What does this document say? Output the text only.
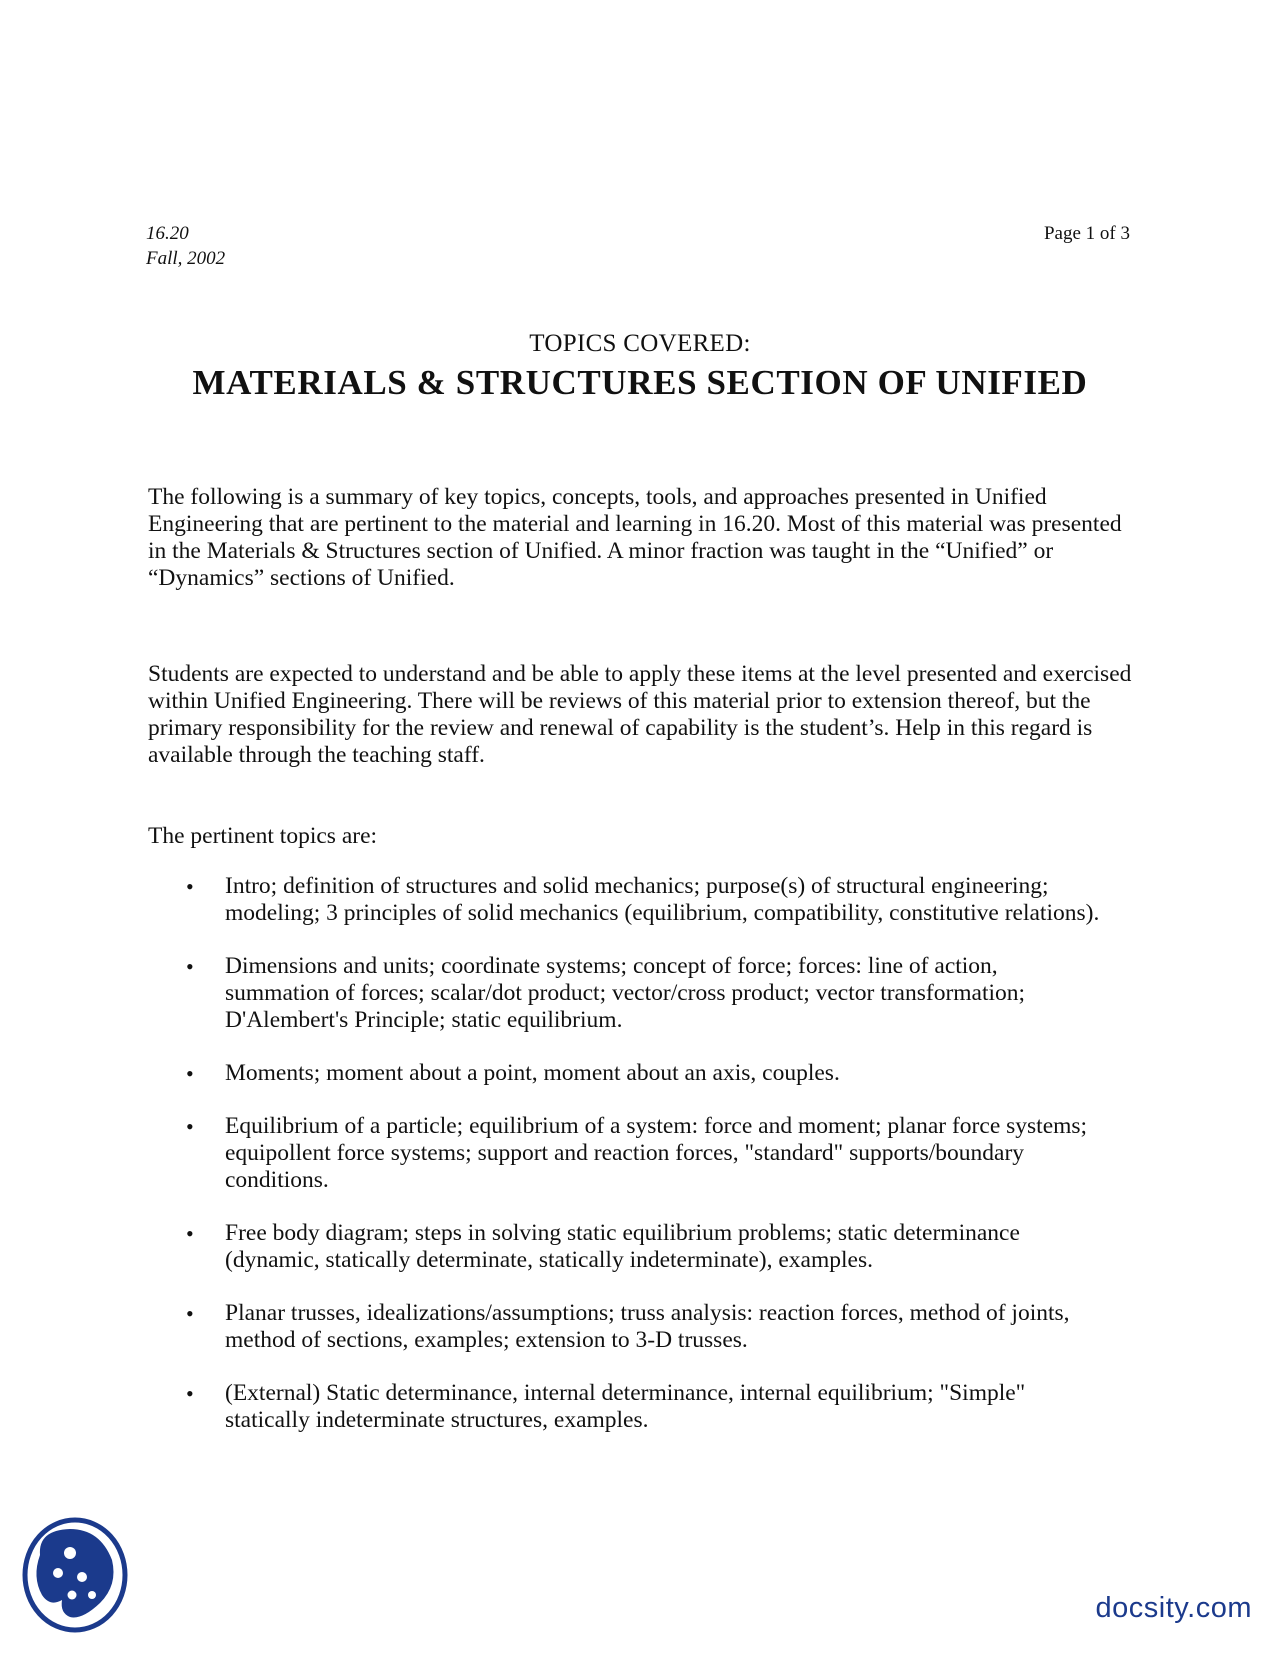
16.20
Fall, 2002
Page 1 of 3
TOPICS COVERED:
MATERIALS & STRUCTURES SECTION OF UNIFIED

The following is a summary of key topics, concepts, tools, and approaches presented in Unified Engineering that are pertinent to the material and learning in 16.20. Most of this material was presented in the Materials & Structures section of Unified. A minor fraction was taught in the “Unified” or “Dynamics” sections of Unified.

Students are expected to understand and be able to apply these items at the level presented and exercised within Unified Engineering. There will be reviews of this material prior to extension thereof, but the primary responsibility for the review and renewal of capability is the student’s. Help in this regard is available through the teaching staff.

The pertinent topics are:

• Intro; definition of structures and solid mechanics; purpose(s) of structural engineering; modeling; 3 principles of solid mechanics (equilibrium, compatibility, constitutive relations).
• Dimensions and units; coordinate systems; concept of force; forces: line of action, summation of forces; scalar/dot product; vector/cross product; vector transformation; D'Alembert's Principle; static equilibrium.
• Moments; moment about a point, moment about an axis, couples.
• Equilibrium of a particle; equilibrium of a system: force and moment; planar force systems; equipollent force systems; support and reaction forces, "standard" supports/boundary conditions.
• Free body diagram; steps in solving static equilibrium problems; static determinance (dynamic, statically determinate, statically indeterminate), examples.
• Planar trusses, idealizations/assumptions; truss analysis: reaction forces, method of joints, method of sections, examples; extension to 3-D trusses.
• (External) Static determinance, internal determinance, internal equilibrium; "Simple" statically indeterminate structures, examples.
docsity.com
